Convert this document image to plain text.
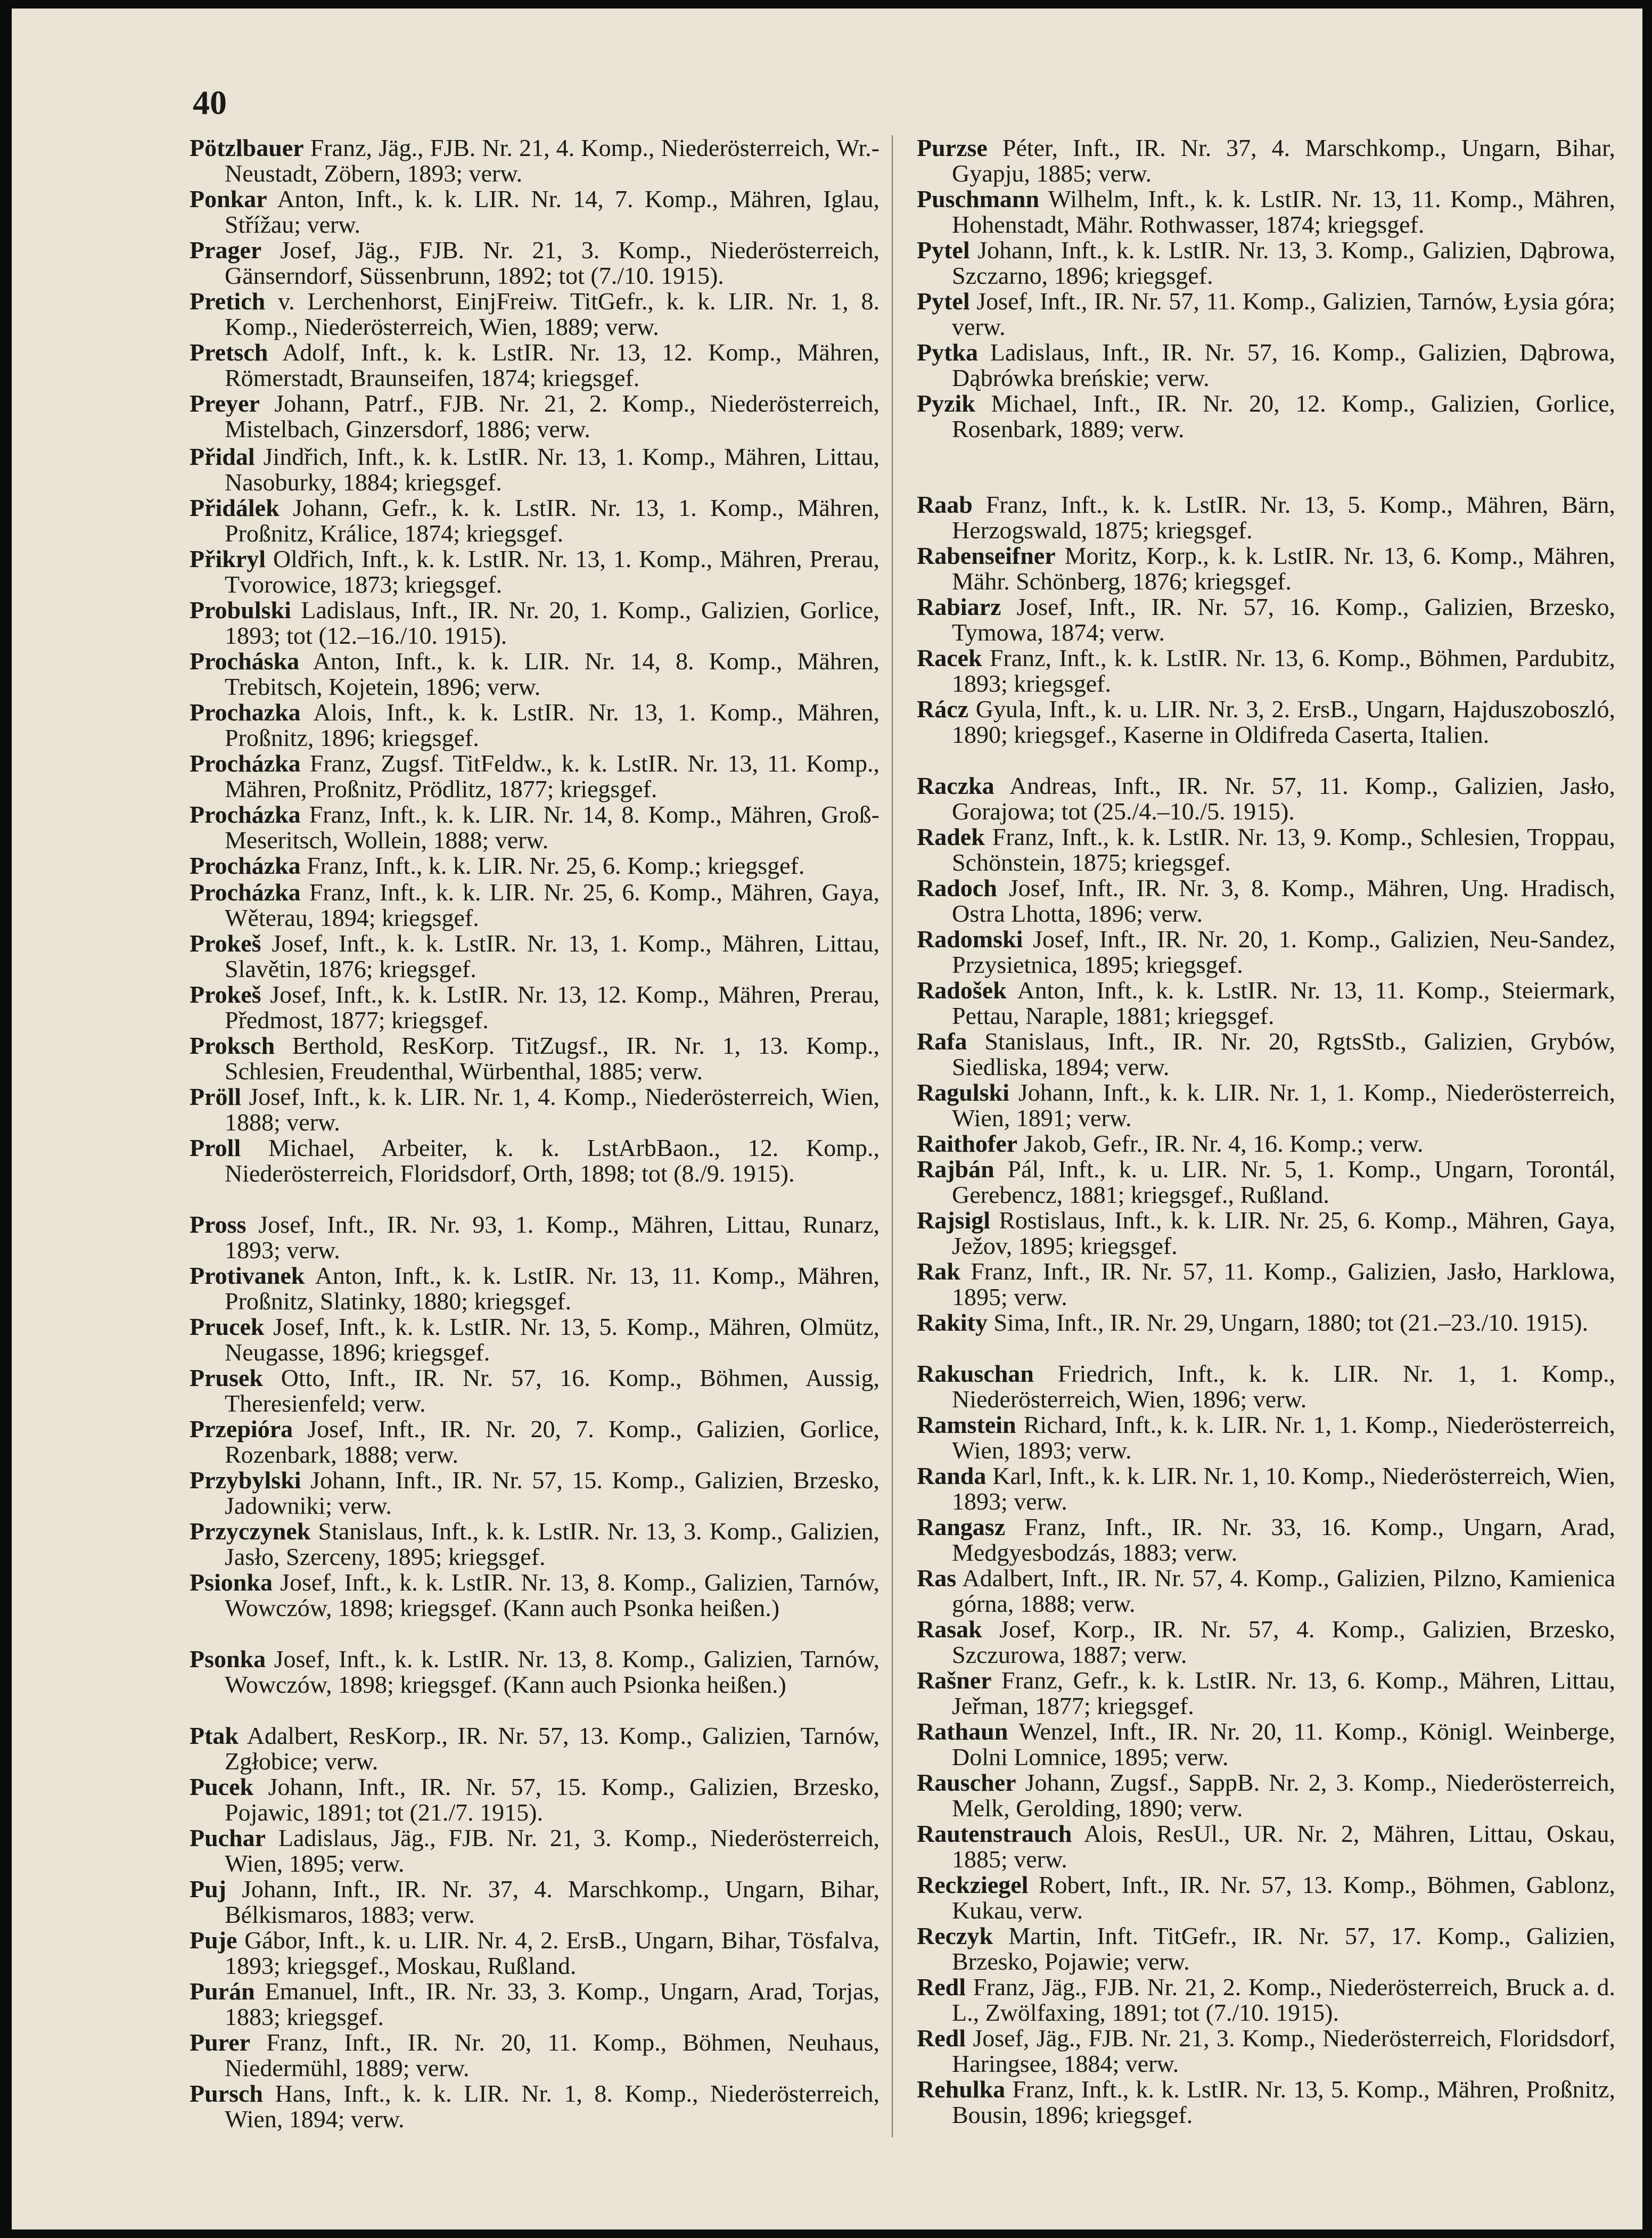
40
Pötzlbauer Franz, Jäg., FJB. Nr. 21, 4. Komp., Niederösterreich, Wr.-Neustadt, Zöbern, 1893; verw.
Ponkar Anton, Inft., k. k. LIR. Nr. 14, 7. Komp., Mähren, Iglau, Střížau; verw.
Prager Josef, Jäg., FJB. Nr. 21, 3. Komp., Niederösterreich, Gänserndorf, Süssenbrunn, 1892; tot (7./10. 1915).
Pretich v. Lerchenhorst, EinjFreiw. TitGefr., k. k. LIR. Nr. 1, 8. Komp., Niederösterreich, Wien, 1889; verw.
Pretsch Adolf, Inft., k. k. LstIR. Nr. 13, 12. Komp., Mähren, Römerstadt, Braunseifen, 1874; kriegsgef.
Preyer Johann, Patrf., FJB. Nr. 21, 2. Komp., Niederösterreich, Mistelbach, Ginzersdorf, 1886; verw.
Přidal Jindřich, Inft., k. k. LstIR. Nr. 13, 1. Komp., Mähren, Littau, Nasoburky, 1884; kriegsgef.
Přidálek Johann, Gefr., k. k. LstIR. Nr. 13, 1. Komp., Mähren, Proßnitz, Králice, 1874; kriegsgef.
Přikryl Oldřich, Inft., k. k. LstIR. Nr. 13, 1. Komp., Mähren, Prerau, Tvorowice, 1873; kriegsgef.
Probulski Ladislaus, Inft., IR. Nr. 20, 1. Komp., Galizien, Gorlice, 1893; tot (12.–16./10. 1915).
Procháska Anton, Inft., k. k. LIR. Nr. 14, 8. Komp., Mähren, Trebitsch, Kojetein, 1896; verw.
Prochazka Alois, Inft., k. k. LstIR. Nr. 13, 1. Komp., Mähren, Proßnitz, 1896; kriegsgef.
Procházka Franz, Zugsf. TitFeldw., k. k. LstIR. Nr. 13, 11. Komp., Mähren, Proßnitz, Prödlitz, 1877; kriegsgef.
Procházka Franz, Inft., k. k. LIR. Nr. 14, 8. Komp., Mähren, Groß-Meseritsch, Wollein, 1888; verw.
Procházka Franz, Inft., k. k. LIR. Nr. 25, 6. Komp.; kriegsgef.
Procházka Franz, Inft., k. k. LIR. Nr. 25, 6. Komp., Mähren, Gaya, Wěterau, 1894; kriegsgef.
Prokeš Josef, Inft., k. k. LstIR. Nr. 13, 1. Komp., Mähren, Littau, Slavětin, 1876; kriegsgef.
Prokeš Josef, Inft., k. k. LstIR. Nr. 13, 12. Komp., Mähren, Prerau, Předmost, 1877; kriegsgef.
Proksch Berthold, ResKorp. TitZugsf., IR. Nr. 1, 13. Komp., Schlesien, Freudenthal, Würbenthal, 1885; verw.
Pröll Josef, Inft., k. k. LIR. Nr. 1, 4. Komp., Niederösterreich, Wien, 1888; verw.
Proll Michael, Arbeiter, k. k. LstArbBaon., 12. Komp., Niederösterreich, Floridsdorf, Orth, 1898; tot (8./9. 1915).
Pross Josef, Inft., IR. Nr. 93, 1. Komp., Mähren, Littau, Runarz, 1893; verw.
Protivanek Anton, Inft., k. k. LstIR. Nr. 13, 11. Komp., Mähren, Proßnitz, Slatinky, 1880; kriegsgef.
Prucek Josef, Inft., k. k. LstIR. Nr. 13, 5. Komp., Mähren, Olmütz, Neugasse, 1896; kriegsgef.
Prusek Otto, Inft., IR. Nr. 57, 16. Komp., Böhmen, Aussig, Theresienfeld; verw.
Przepióra Josef, Inft., IR. Nr. 20, 7. Komp., Galizien, Gorlice, Rozenbark, 1888; verw.
Przybylski Johann, Inft., IR. Nr. 57, 15. Komp., Galizien, Brzesko, Jadowniki; verw.
Przyczynek Stanislaus, Inft., k. k. LstIR. Nr. 13, 3. Komp., Galizien, Jasło, Szerceny, 1895; kriegsgef.
Psionka Josef, Inft., k. k. LstIR. Nr. 13, 8. Komp., Galizien, Tarnów, Wowczów, 1898; kriegsgef. (Kann auch Psonka heißen.)
Psonka Josef, Inft., k. k. LstIR. Nr. 13, 8. Komp., Galizien, Tarnów, Wowczów, 1898; kriegsgef. (Kann auch Psionka heißen.)
Ptak Adalbert, ResKorp., IR. Nr. 57, 13. Komp., Galizien, Tarnów, Zgłobice; verw.
Pucek Johann, Inft., IR. Nr. 57, 15. Komp., Galizien, Brzesko, Pojawic, 1891; tot (21./7. 1915).
Puchar Ladislaus, Jäg., FJB. Nr. 21, 3. Komp., Niederösterreich, Wien, 1895; verw.
Puj Johann, Inft., IR. Nr. 37, 4. Marschkomp., Ungarn, Bihar, Bélkismaros, 1883; verw.
Puje Gábor, Inft., k. u. LIR. Nr. 4, 2. ErsB., Ungarn, Bihar, Tösfalva, 1893; kriegsgef., Moskau, Rußland.
Purán Emanuel, Inft., IR. Nr. 33, 3. Komp., Ungarn, Arad, Torjas, 1883; kriegsgef.
Purer Franz, Inft., IR. Nr. 20, 11. Komp., Böhmen, Neuhaus, Niedermühl, 1889; verw.
Pursch Hans, Inft., k. k. LIR. Nr. 1, 8. Komp., Niederösterreich, Wien, 1894; verw.
Purzse Péter, Inft., IR. Nr. 37, 4. Marschkomp., Ungarn, Bihar, Gyapju, 1885; verw.
Puschmann Wilhelm, Inft., k. k. LstIR. Nr. 13, 11. Komp., Mähren, Hohenstadt, Mähr. Rothwasser, 1874; kriegsgef.
Pytel Johann, Inft., k. k. LstIR. Nr. 13, 3. Komp., Galizien, Dąbrowa, Szczarno, 1896; kriegsgef.
Pytel Josef, Inft., IR. Nr. 57, 11. Komp., Galizien, Tarnów, Łysia góra; verw.
Pytka Ladislaus, Inft., IR. Nr. 57, 16. Komp., Galizien, Dąbrowa, Dąbrówka breńskie; verw.
Pyzik Michael, Inft., IR. Nr. 20, 12. Komp., Galizien, Gorlice, Rosenbark, 1889; verw.
Raab Franz, Inft., k. k. LstIR. Nr. 13, 5. Komp., Mähren, Bärn, Herzogswald, 1875; kriegsgef.
Rabenseifner Moritz, Korp., k. k. LstIR. Nr. 13, 6. Komp., Mähren, Mähr. Schönberg, 1876; kriegsgef.
Rabiarz Josef, Inft., IR. Nr. 57, 16. Komp., Galizien, Brzesko, Tymowa, 1874; verw.
Racek Franz, Inft., k. k. LstIR. Nr. 13, 6. Komp., Böhmen, Pardubitz, 1893; kriegsgef.
Rácz Gyula, Inft., k. u. LIR. Nr. 3, 2. ErsB., Ungarn, Hajduszoboszló, 1890; kriegsgef., Kaserne in Oldifreda Caserta, Italien.
Raczka Andreas, Inft., IR. Nr. 57, 11. Komp., Galizien, Jasło, Gorajowa; tot (25./4.–10./5. 1915).
Radek Franz, Inft., k. k. LstIR. Nr. 13, 9. Komp., Schlesien, Troppau, Schönstein, 1875; kriegsgef.
Radoch Josef, Inft., IR. Nr. 3, 8. Komp., Mähren, Ung. Hradisch, Ostra Lhotta, 1896; verw.
Radomski Josef, Inft., IR. Nr. 20, 1. Komp., Galizien, Neu-Sandez, Przysietnica, 1895; kriegsgef.
Radošek Anton, Inft., k. k. LstIR. Nr. 13, 11. Komp., Steiermark, Pettau, Naraple, 1881; kriegsgef.
Rafa Stanislaus, Inft., IR. Nr. 20, RgtsStb., Galizien, Grybów, Siedliska, 1894; verw.
Ragulski Johann, Inft., k. k. LIR. Nr. 1, 1. Komp., Niederösterreich, Wien, 1891; verw.
Raithofer Jakob, Gefr., IR. Nr. 4, 16. Komp.; verw.
Rajbán Pál, Inft., k. u. LIR. Nr. 5, 1. Komp., Ungarn, Torontál, Gerebencz, 1881; kriegsgef., Rußland.
Rajsigl Rostislaus, Inft., k. k. LIR. Nr. 25, 6. Komp., Mähren, Gaya, Ježov, 1895; kriegsgef.
Rak Franz, Inft., IR. Nr. 57, 11. Komp., Galizien, Jasło, Harklowa, 1895; verw.
Rakity Sima, Inft., IR. Nr. 29, Ungarn, 1880; tot (21.–23./10. 1915).
Rakuschan Friedrich, Inft., k. k. LIR. Nr. 1, 1. Komp., Niederösterreich, Wien, 1896; verw.
Ramstein Richard, Inft., k. k. LIR. Nr. 1, 1. Komp., Niederösterreich, Wien, 1893; verw.
Randa Karl, Inft., k. k. LIR. Nr. 1, 10. Komp., Niederösterreich, Wien, 1893; verw.
Rangasz Franz, Inft., IR. Nr. 33, 16. Komp., Ungarn, Arad, Medgyesbodzás, 1883; verw.
Ras Adalbert, Inft., IR. Nr. 57, 4. Komp., Galizien, Pilzno, Kamienica górna, 1888; verw.
Rasak Josef, Korp., IR. Nr. 57, 4. Komp., Galizien, Brzesko, Szczurowa, 1887; verw.
Rašner Franz, Gefr., k. k. LstIR. Nr. 13, 6. Komp., Mähren, Littau, Jeřman, 1877; kriegsgef.
Rathaun Wenzel, Inft., IR. Nr. 20, 11. Komp., Königl. Weinberge, Dolni Lomnice, 1895; verw.
Rauscher Johann, Zugsf., SappB. Nr. 2, 3. Komp., Niederösterreich, Melk, Gerolding, 1890; verw.
Rautenstrauch Alois, ResUl., UR. Nr. 2, Mähren, Littau, Oskau, 1885; verw.
Reckziegel Robert, Inft., IR. Nr. 57, 13. Komp., Böhmen, Gablonz, Kukau, verw.
Reczyk Martin, Inft. TitGefr., IR. Nr. 57, 17. Komp., Galizien, Brzesko, Pojawie; verw.
Redl Franz, Jäg., FJB. Nr. 21, 2. Komp., Niederösterreich, Bruck a. d. L., Zwölfaxing, 1891; tot (7./10. 1915).
Redl Josef, Jäg., FJB. Nr. 21, 3. Komp., Niederösterreich, Floridsdorf, Haringsee, 1884; verw.
Rehulka Franz, Inft., k. k. LstIR. Nr. 13, 5. Komp., Mähren, Proßnitz, Bousin, 1896; kriegsgef.
